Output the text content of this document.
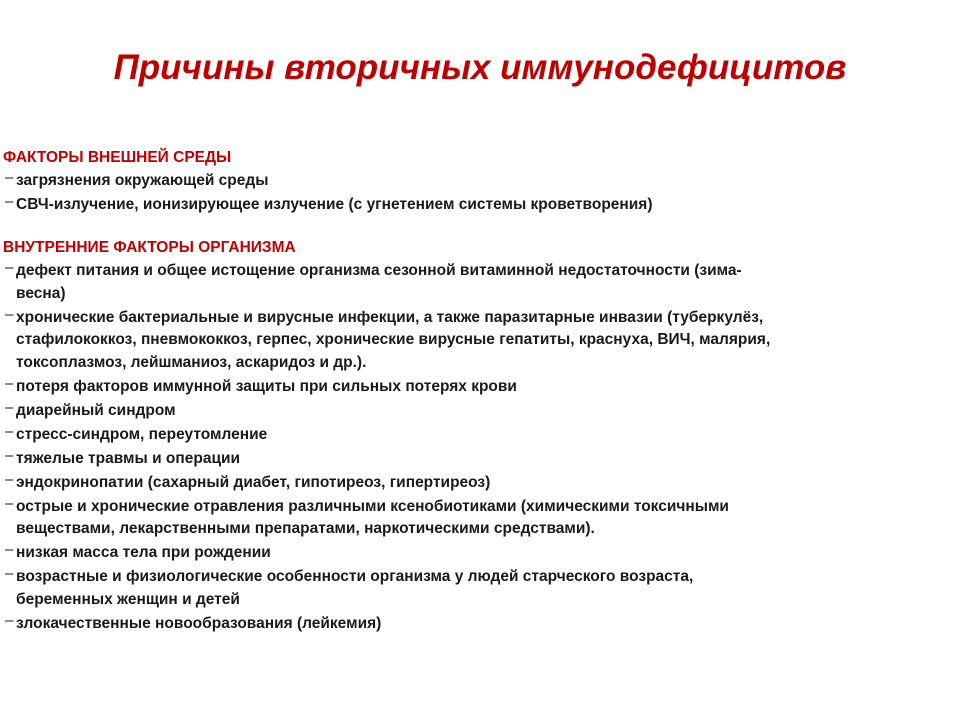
Причины вторичных иммунодефицитов
ФАКТОРЫ ВНЕШНЕЙ СРЕДЫ
– загрязнения окружающей среды
– СВЧ-излучение, ионизирующее излучение (с угнетением системы кроветворения)
ВНУТРЕННИЕ ФАКТОРЫ ОРГАНИЗМА
– дефект питания и общее истощение организма сезонной витаминной недостаточности (зима-
весна)
– хронические бактериальные и вирусные инфекции, а также паразитарные инвазии (туберкулёз,
стафилококкоз, пневмококкоз, герпес, хронические вирусные гепатиты, краснуха, ВИЧ, малярия,
токсоплазмоз, лейшманиоз, аскаридоз и др.).
– потеря факторов иммунной защиты при сильных потерях крови
– диарейный синдром
– стресс-синдром, переутомление
– тяжелые травмы и операции
– эндокринопатии (сахарный диабет, гипотиреоз, гипертиреоз)
– острые и хронические отравления различными ксенобиотиками (химическими токсичными
веществами, лекарственными препаратами, наркотическими средствами).
– низкая масса тела при рождении
– возрастные и физиологические особенности организма у людей старческого возраста,
беременных женщин и детей
– злокачественные новообразования (лейкемия)
